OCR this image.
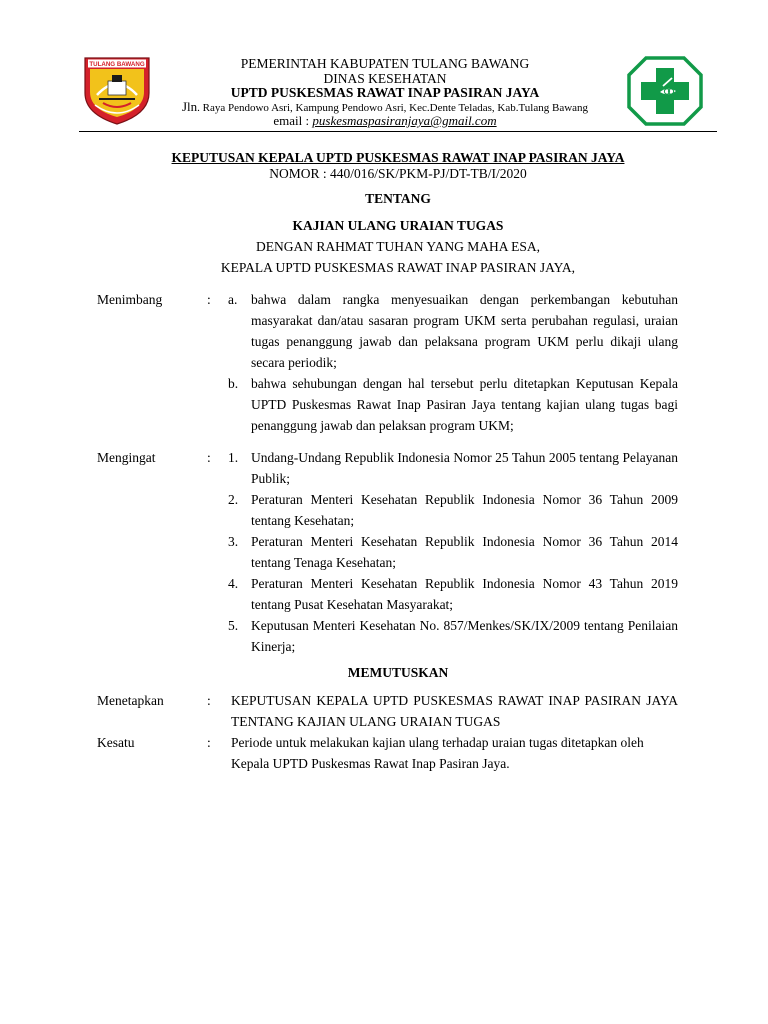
TULANG BAWANG	PEMERINTAH KABUPATEN TULANG BAWANG
DINAS KESEHATAN
UPTD PUSKESMAS RAWAT INAP PASIRAN JAYA
Jln. Raya Pendowo Asri, Kampung Pendowo Asri, Kec.Dente Teladas, Kab.Tulang Bawang
email : puskesmaspasiranjaya@gmail.com
KEPUTUSAN KEPALA UPTD PUSKESMAS RAWAT INAP PASIRAN JAYA
NOMOR : 440/016/SK/PKM-PJ/DT-TB/I/2020
TENTANG
KAJIAN ULANG URAIAN TUGAS
DENGAN RAHMAT TUHAN YANG MAHA ESA,
KEPALA UPTD PUSKESMAS RAWAT INAP PASIRAN JAYA,
Menimbang	: a. bahwa dalam rangka menyesuaikan dengan perkembangan kebutuhan masyarakat dan/atau sasaran program UKM serta perubahan regulasi, uraian tugas penanggung jawab dan pelaksana program UKM perlu dikaji ulang secara periodik;
b. bahwa sehubungan dengan hal tersebut perlu ditetapkan Keputusan Kepala UPTD Puskesmas Rawat Inap Pasiran Jaya tentang kajian ulang tugas bagi penanggung jawab dan pelaksan program UKM;
Mengingat	: 1. Undang-Undang Republik Indonesia Nomor 25 Tahun 2005 tentang Pelayanan Publik;
2. Peraturan Menteri Kesehatan Republik Indonesia Nomor 36 Tahun 2009 tentang Kesehatan;
3. Peraturan Menteri Kesehatan Republik Indonesia Nomor 36 Tahun 2014 tentang Tenaga Kesehatan;
4. Peraturan Menteri Kesehatan Republik Indonesia Nomor 43 Tahun 2019 tentang Pusat Kesehatan Masyarakat;
5. Keputusan Menteri Kesehatan No. 857/Menkes/SK/IX/2009 tentang Penilaian Kinerja;
MEMUTUSKAN
Menetapkan	: KEPUTUSAN KEPALA UPTD PUSKESMAS RAWAT INAP PASIRAN JAYA TENTANG KAJIAN ULANG URAIAN TUGAS
Kesatu	: Periode untuk melakukan kajian ulang terhadap uraian tugas ditetapkan oleh Kepala UPTD Puskesmas Rawat Inap Pasiran Jaya.
